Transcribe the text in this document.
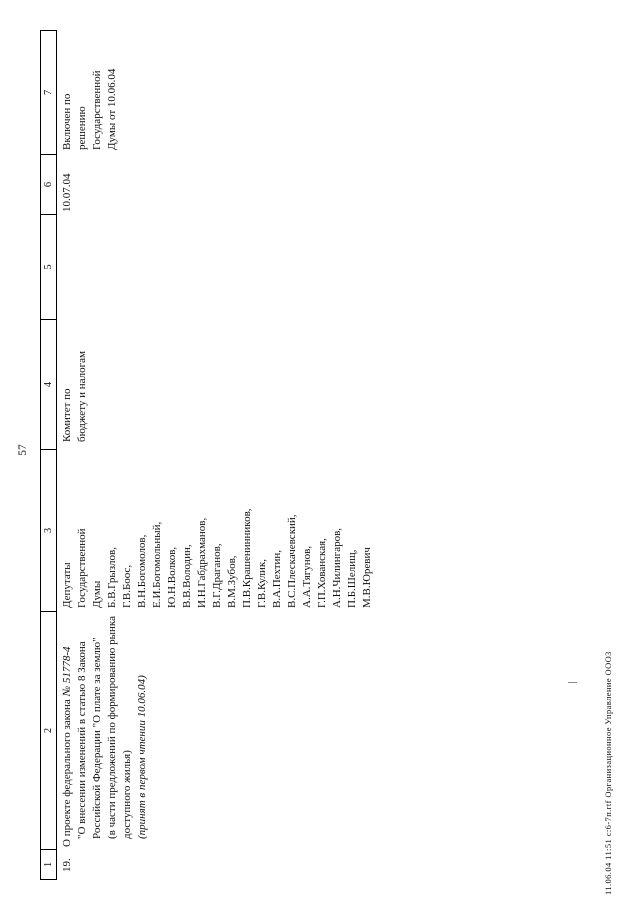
57
1
2
3
4
5
6
7
19.
О проекте федерального закона№ 51778-4 "О внесении изменений в статью 8 Закона Российской Федерации "О плате за землю" (в части предложений по формированию рынка доступного жилья) (принят в первом чтении 10.06.04)
Депутаты Государственной Думы Б.В.Грызлов, Г.В.Боос, В.Н.Богомолов, Е.И.Богомольный, Ю.Н.Волков, В.В.Володин, И.Н.Габдрахманов, В.Г.Драганов, В.М.Зубов, П.В.Крашенинников, Г.В.Кулик, В.А.Пехтин, В.С.Плескачевский, А.А.Тягунов, Г.П.Хованская, А.Н.Чилингаров, П.Б.Шелищ, М.В.Юревич
Комитет по бюджету и налогам
10.07.04
Включен по решению Государственной Думы от 10.06.04
11.06.04 11:51 c:6-7п.rtf Организационное Управление ООО3
